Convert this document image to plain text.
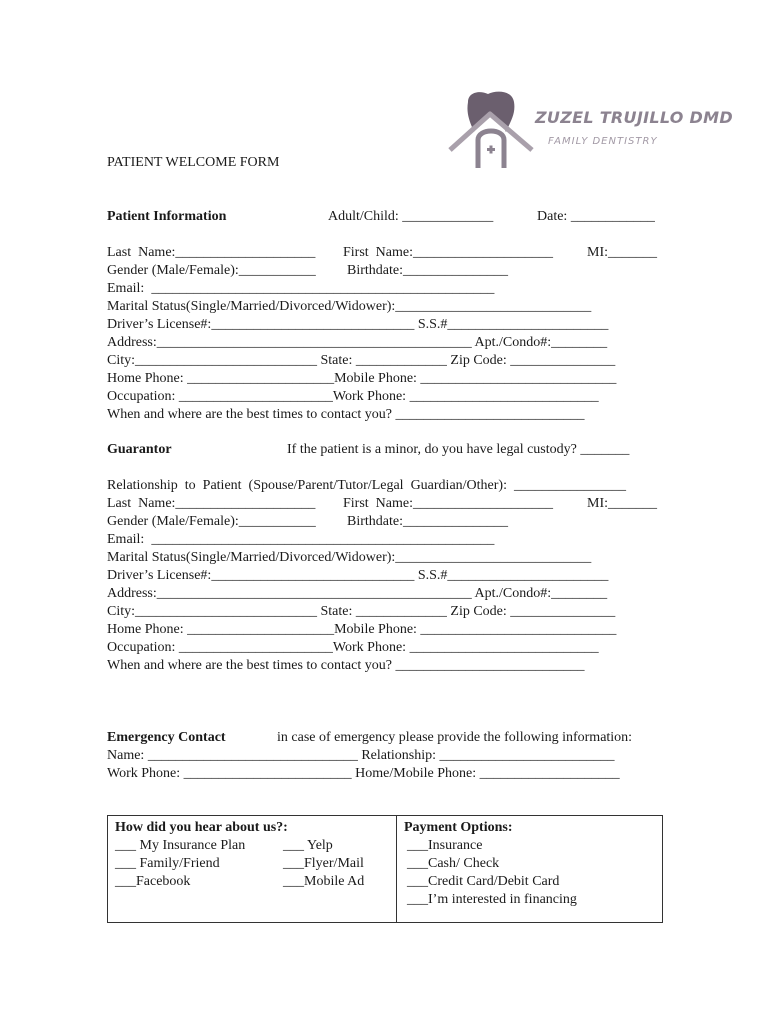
ZUZEL TRUJILLO DMD
FAMILY DENTISTRY
PATIENT WELCOME FORM
Patient Information	Adult/Child: _____________	Date: ____________
Last  Name:____________________ First  Name:____________________ MI:_______
Gender (Male/Female):___________ Birthdate:_______________
Email:  _________________________________________________
Marital Status(Single/Married/Divorced/Widower):____________________________
Driver’s License#:_____________________________ S.S.#_______________________
Address:_____________________________________________ Apt./Condo#:________
City:__________________________ State: _____________ Zip Code: _______________
Home Phone: _____________________Mobile Phone: ____________________________
Occupation: ______________________Work Phone: ___________________________
When and where are the best times to contact you? ___________________________
Guarantor	If the patient is a minor, do you have legal custody? _______
Relationship  to  Patient  (Spouse/Parent/Tutor/Legal  Guardian/Other):  ________________
Last  Name:____________________ First  Name:____________________ MI:_______
Gender (Male/Female):___________ Birthdate:_______________
Email:  _________________________________________________
Marital Status(Single/Married/Divorced/Widower):____________________________
Driver’s License#:_____________________________ S.S.#_______________________
Address:_____________________________________________ Apt./Condo#:________
City:__________________________ State: _____________ Zip Code: _______________
Home Phone: _____________________Mobile Phone: ____________________________
Occupation: ______________________Work Phone: ___________________________
When and where are the best times to contact you? ___________________________
Emergency Contact	in case of emergency please provide the following information:
Name: ______________________________ Relationship: _________________________
Work Phone: ________________________ Home/Mobile Phone: ____________________
How did you hear about us?:
___ My Insurance Plan
___ Family/Friend
___Facebook
___ Yelp
___Flyer/Mail
___Mobile Ad
Payment Options:
___Insurance
___Cash/ Check
___Credit Card/Debit Card
___I’m interested in financing
